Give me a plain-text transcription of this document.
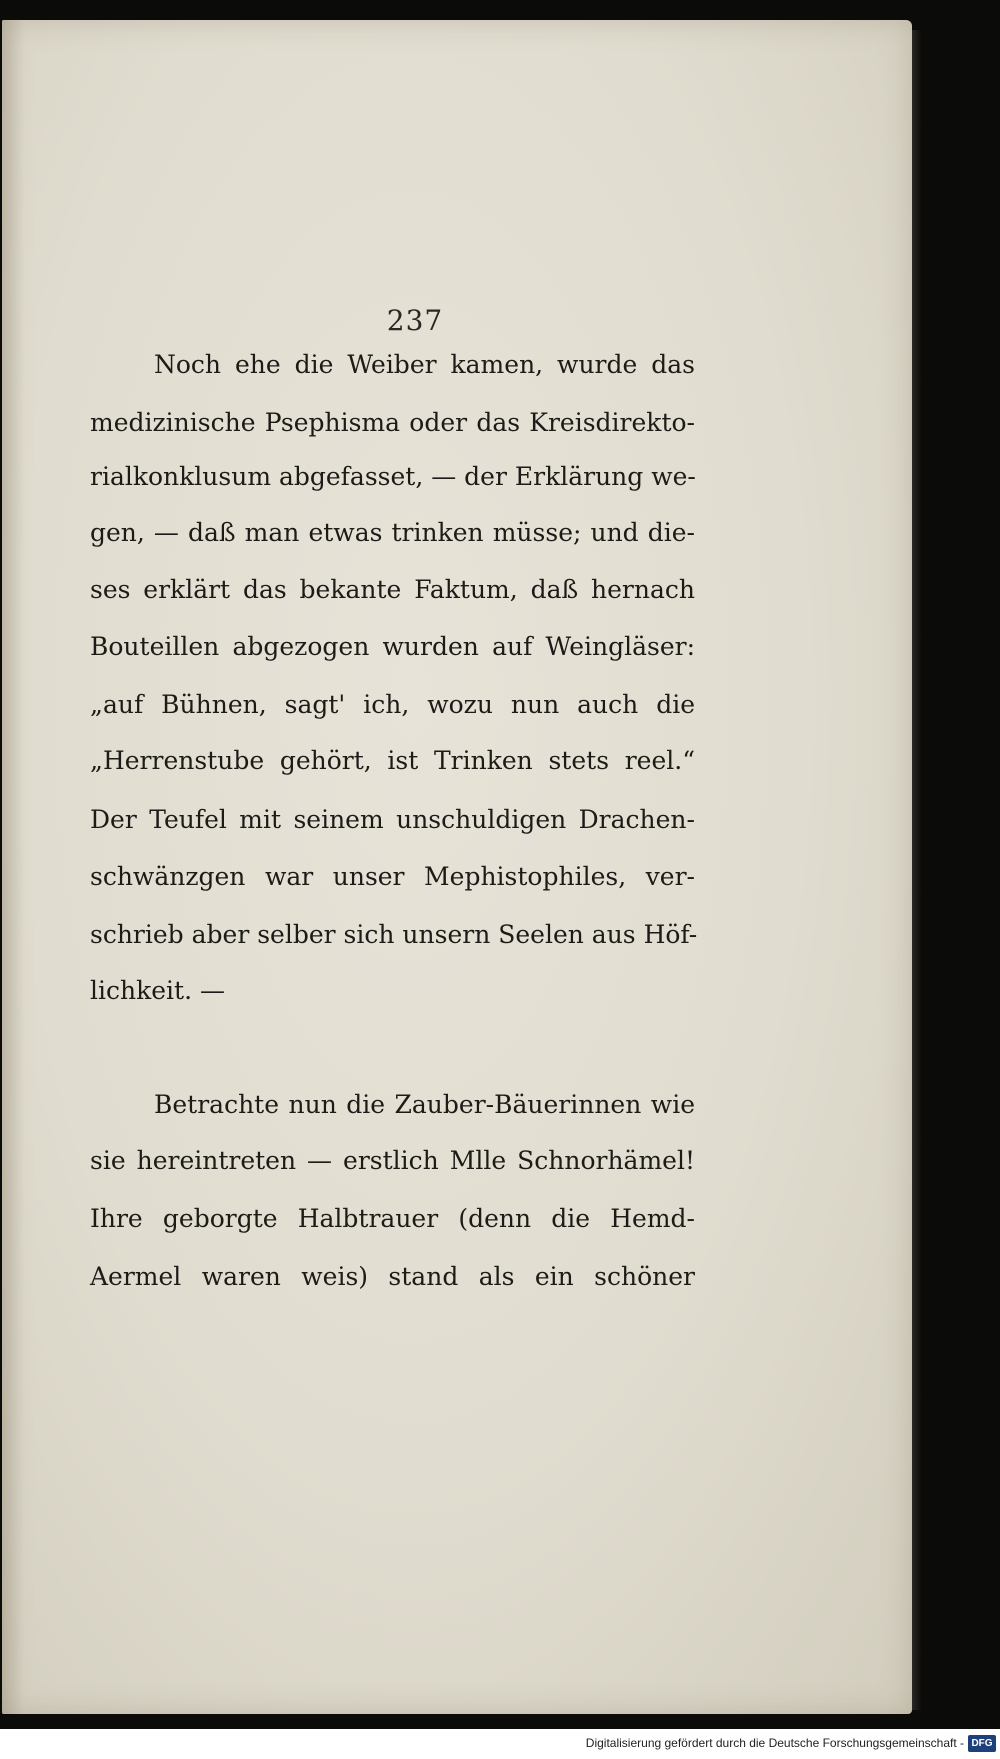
237
Noch ehe die Weiber kamen, wurde das
medizinische Psephisma oder das Kreisdirekto-
rialkonklusum abgefasset, — der Erklärung we-
gen, — daß man etwas trinken müsse; und die-
ses erklärt das bekante Faktum, daß hernach
Bouteillen abgezogen wurden auf Weingläser:
„auf Bühnen, sagt' ich, wozu nun auch die
„Herrenstube gehört, ist Trinken stets reel.“
Der Teufel mit seinem unschuldigen Drachen-
schwänzgen war unser Mephistophiles, ver-
schrieb aber selber sich unsern Seelen aus Höf-
lichkeit. —
Betrachte nun die Zauber-Bäuerinnen wie
sie hereintreten — erstlich Mlle Schnorhämel!
Ihre geborgte Halbtrauer (denn die Hemd-
Aermel waren weis) stand als ein schöner
Digitalisierung gefördert durch die Deutsche Forschungsgemeinschaft - DFG
